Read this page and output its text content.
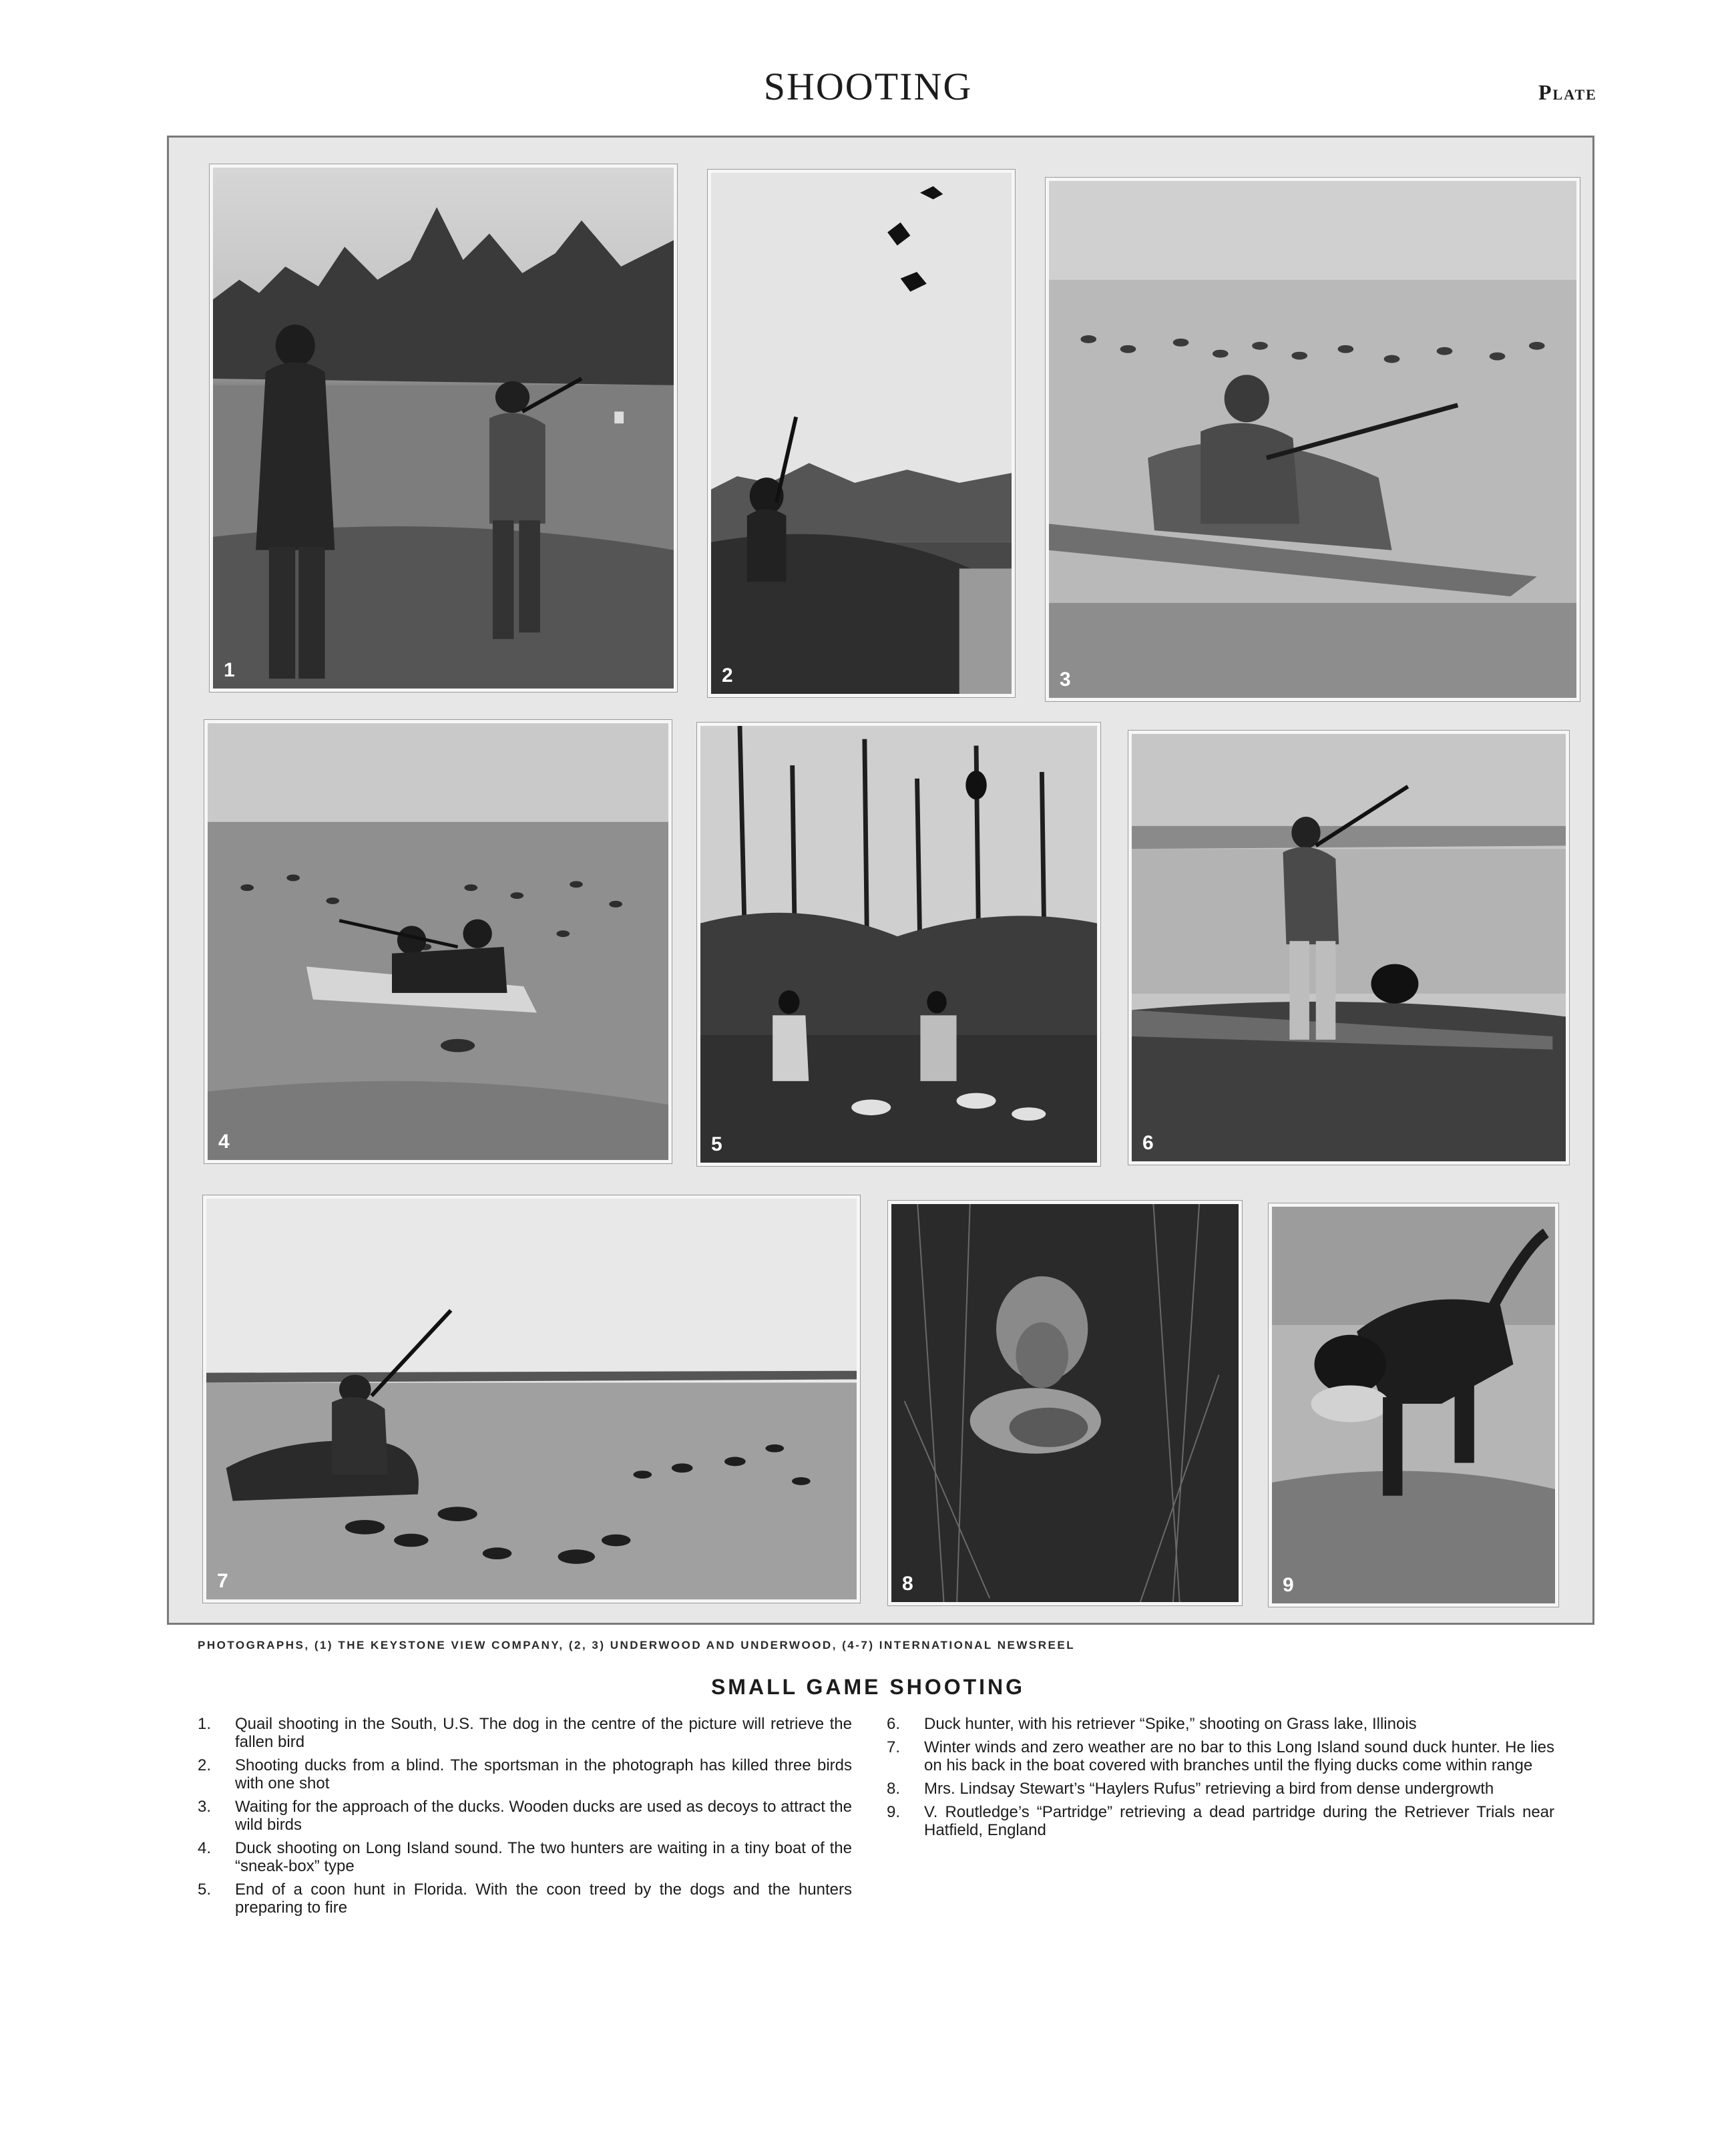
SHOOTING	Plate
1	2	3
4	5	6
7	8	9
PHOTOGRAPHS, (1) THE KEYSTONE VIEW COMPANY, (2, 3) UNDERWOOD AND UNDERWOOD, (4-7) INTERNATIONAL NEWSREEL
SMALL GAME SHOOTING
1. Quail shooting in the South, U.S. The dog in the centre of the picture will retrieve the fallen bird
2. Shooting ducks from a blind. The sportsman in the photograph has killed three birds with one shot
3. Waiting for the approach of the ducks. Wooden ducks are used as decoys to attract the wild birds
4. Duck shooting on Long Island sound. The two hunters are waiting in a tiny boat of the “sneak-box” type
5. End of a coon hunt in Florida. With the coon treed by the dogs and the hunters preparing to fire
6. Duck hunter, with his retriever “Spike,” shooting on Grass lake, Illinois
7. Winter winds and zero weather are no bar to this Long Island sound duck hunter. He lies on his back in the boat covered with branches until the flying ducks come within range
8. Mrs. Lindsay Stewart’s “Haylers Rufus” retrieving a bird from dense undergrowth
9. V. Routledge’s “Partridge” retrieving a dead partridge during the Retriever Trials near Hatfield, England
